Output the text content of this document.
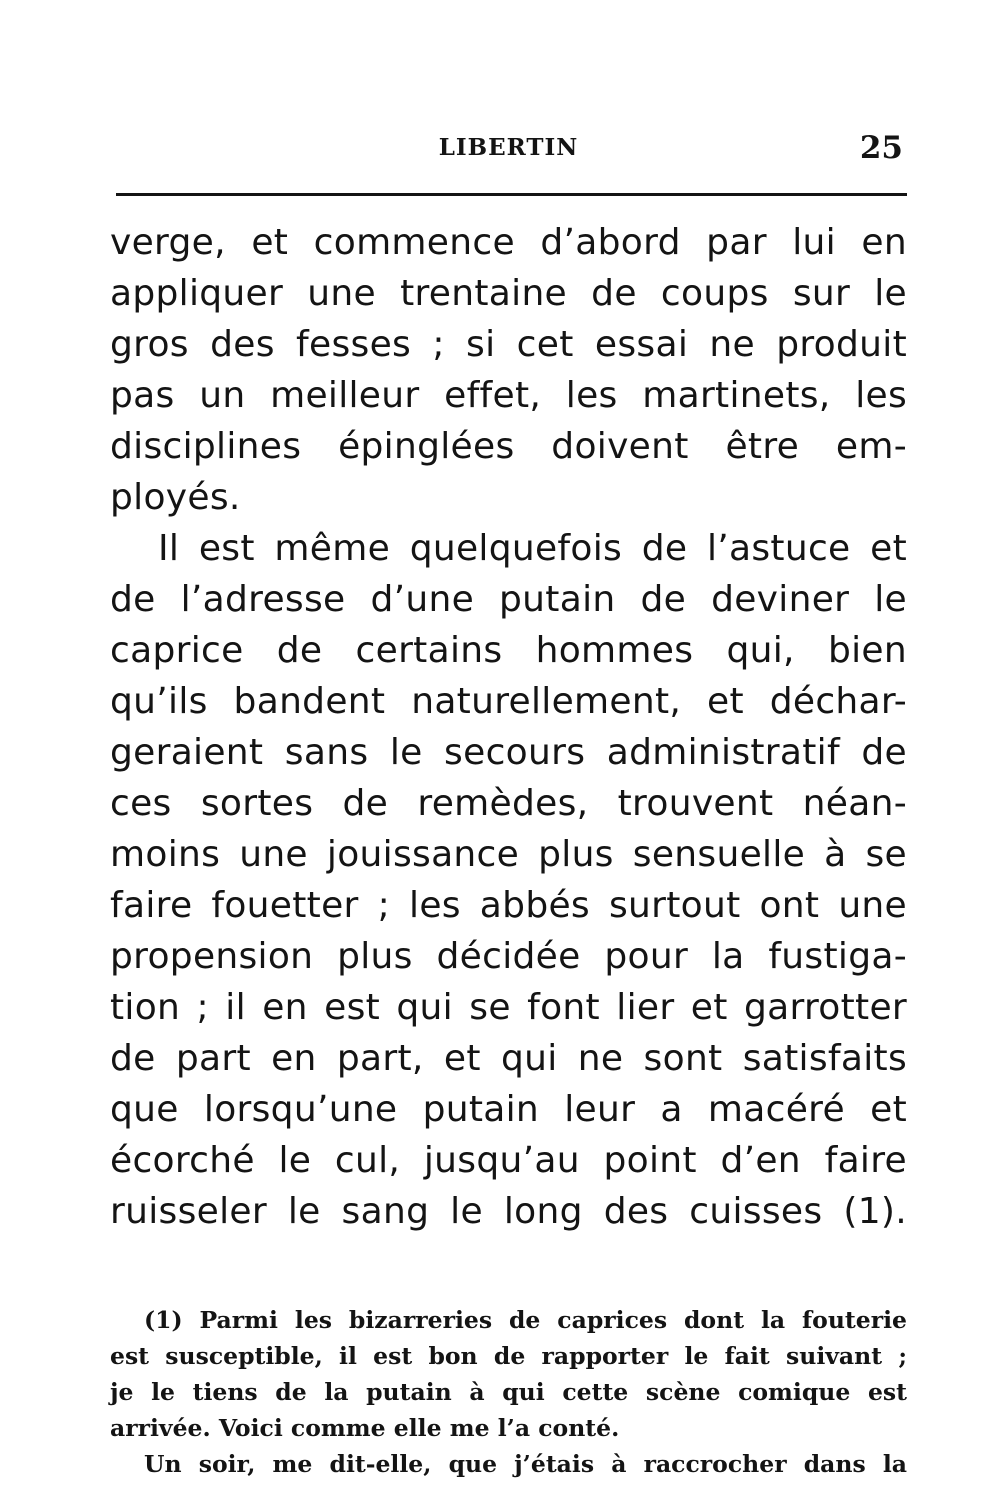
LIBERTIN	25

verge, et commence d’abord par lui en
appliquer une trentaine de coups sur le
gros des fesses ; si cet essai ne produit
pas un meilleur effet, les martinets, les
disciplines épinglées doivent être em-
ployés.

Il est même quelquefois de l’astuce et
de l’adresse d’une putain de deviner le
caprice de certains hommes qui, bien
qu’ils bandent naturellement, et déchar-
geraient sans le secours administratif de
ces sortes de remèdes, trouvent néan-
moins une jouissance plus sensuelle à se
faire fouetter ; les abbés surtout ont une
propension plus décidée pour la fustiga-
tion ; il en est qui se font lier et garrotter
de part en part, et qui ne sont satisfaits
que lorsqu’une putain leur a macéré et
écorché le cul, jusqu’au point d’en faire
ruisseler le sang le long des cuisses (1).

(1) Parmi les bizarreries de caprices dont la fouterie
est susceptible, il est bon de rapporter le fait suivant ;
je le tiens de la putain à qui cette scène comique est
arrivée. Voici comme elle me l’a conté.
Un soir, me dit-elle, que j’étais à raccrocher dans la
